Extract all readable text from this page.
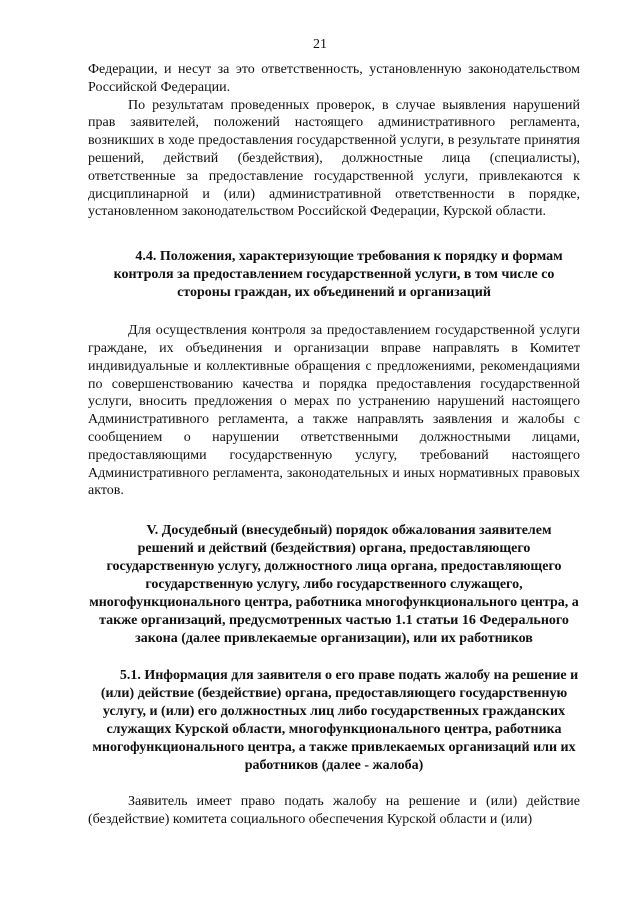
21

Федерации, и несут за это ответственность, установленную законодательством Российской Федерации.

По результатам проведенных проверок, в случае выявления нарушений прав заявителей, положений настоящего административного регламента, возникших в ходе предоставления государственной услуги, в результате принятия решений, действий (бездействия), должностные лица (специалисты), ответственные за предоставление государственной услуги, привлекаются к дисциплинарной и (или) административной ответственности в порядке, установленном законодательством Российской Федерации, Курской области.

4.4. Положения, характеризующие требования к порядку и формам контроля за предоставлением государственной услуги, в том числе со стороны граждан, их объединений и организаций

Для осуществления контроля за предоставлением государственной услуги граждане, их объединения и организации вправе направлять в Комитет индивидуальные и коллективные обращения с предложениями, рекомендациями по совершенствованию качества и порядка предоставления государственной услуги, вносить предложения о мерах по устранению нарушений настоящего Административного регламента, а также направлять заявления и жалобы с сообщением о нарушении ответственными должностными лицами, предоставляющими государственную услугу, требований настоящего Административного регламента, законодательных и иных нормативных правовых актов.

V. Досудебный (внесудебный) порядок обжалования заявителем решений и действий (бездействия) органа, предоставляющего государственную услугу, должностного лица органа, предоставляющего государственную услугу, либо государственного служащего, многофункционального центра, работника многофункционального центра, а также организаций, предусмотренных частью 1.1 статьи 16 Федерального закона (далее привлекаемые организации), или их работников
5.1. Информация для заявителя о его праве подать жалобу на решение и (или) действие (бездействие) органа, предоставляющего государственную услугу, и (или) его должностных лиц либо государственных гражданских служащих Курской области, многофункционального центра, работника многофункционального центра, а также привлекаемых организаций или их работников (далее - жалоба)

Заявитель имеет право подать жалобу на решение и (или) действие (бездействие) комитета социального обеспечения Курской области и (или)
